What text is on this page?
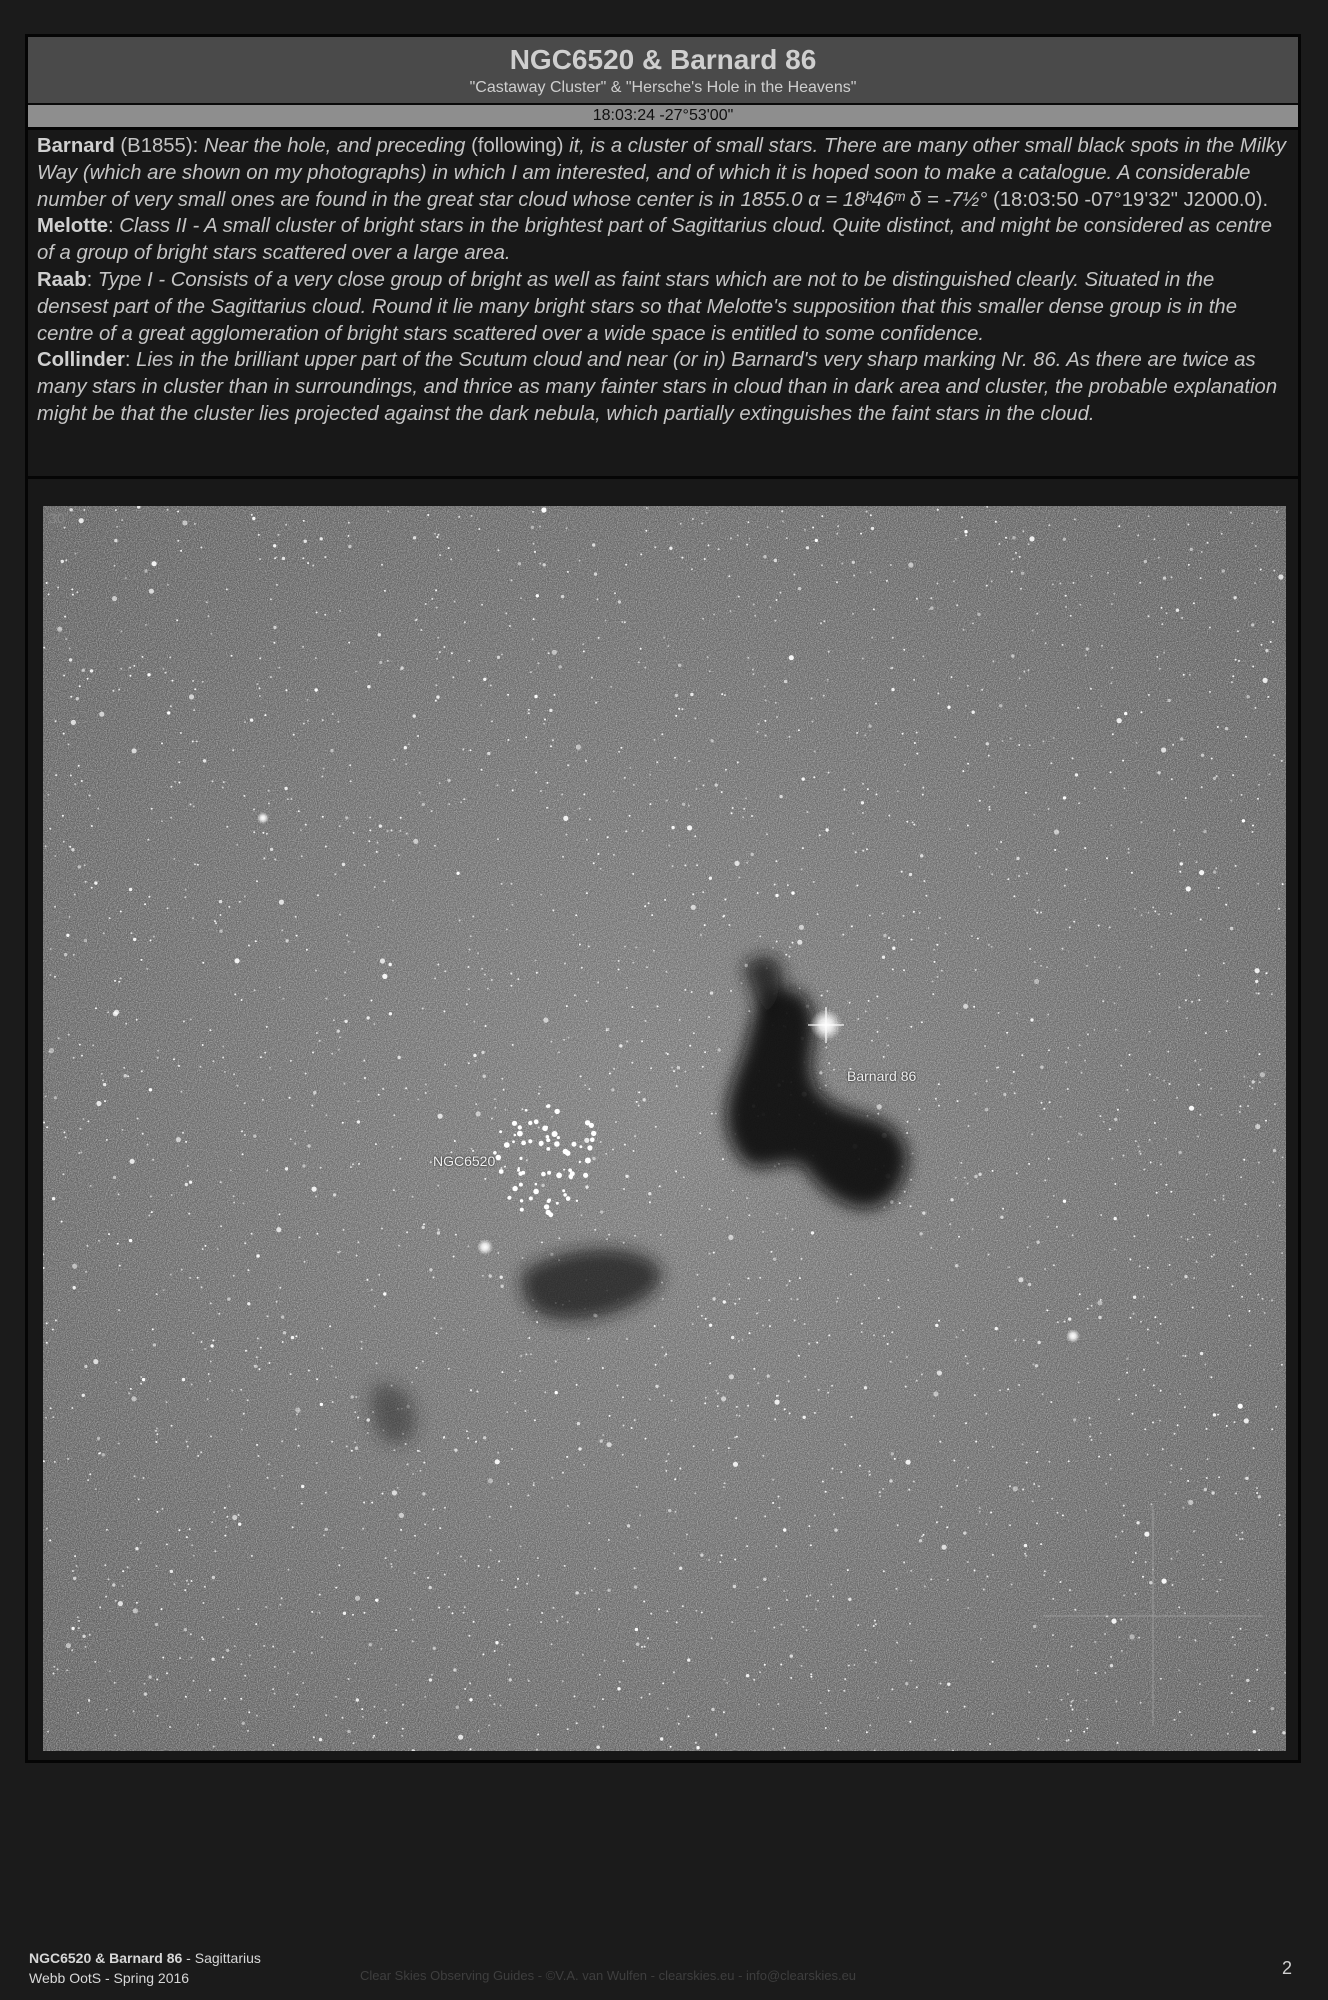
NGC6520 & Barnard 86
"Castaway Cluster" & "Hersche's Hole in the Heavens"
18:03:24 -27°53'00"

Barnard (B1855): Near the hole, and preceding (following) it, is a cluster of small stars. There are many other small black spots in the Milky Way (which are shown on my photographs) in which I am interested, and of which it is hoped soon to make a catalogue. A considerable number of very small ones are found in the great star cloud whose center is in 1855.0 α = 18ʰ46ᵐ δ = -7½° (18:03:50 -07°19'32" J2000.0).

Melotte: Class II - A small cluster of bright stars in the brightest part of Sagittarius cloud. Quite distinct, and might be considered as centre of a group of bright stars scattered over a large area.

Raab: Type I - Consists of a very close group of bright as well as faint stars which are not to be distinguished clearly. Situated in the densest part of the Sagittarius cloud. Round it lie many bright stars so that Melotte's supposition that this smaller dense group is in the centre of a great agglomeration of bright stars scattered over a wide space is entitled to some confidence.

Collinder: Lies in the brilliant upper part of the Scutum cloud and near (or in) Barnard's very sharp marking Nr. 86. As there are twice as many stars in cluster than in surroundings, and thrice as many fainter stars in cloud than in dark area and cluster, the probable explanation might be that the cluster lies projected against the dark nebula, which partially extinguishes the faint stars in the cloud.

30'
Barnard 86
NGC6520
NGC6520 & Barnard 86 - Sagittarius
Webb OotS - Spring 2016	Clear Skies Observing Guides - ©V.A. van Wulfen - clearskies.eu - info@clearskies.eu	2
